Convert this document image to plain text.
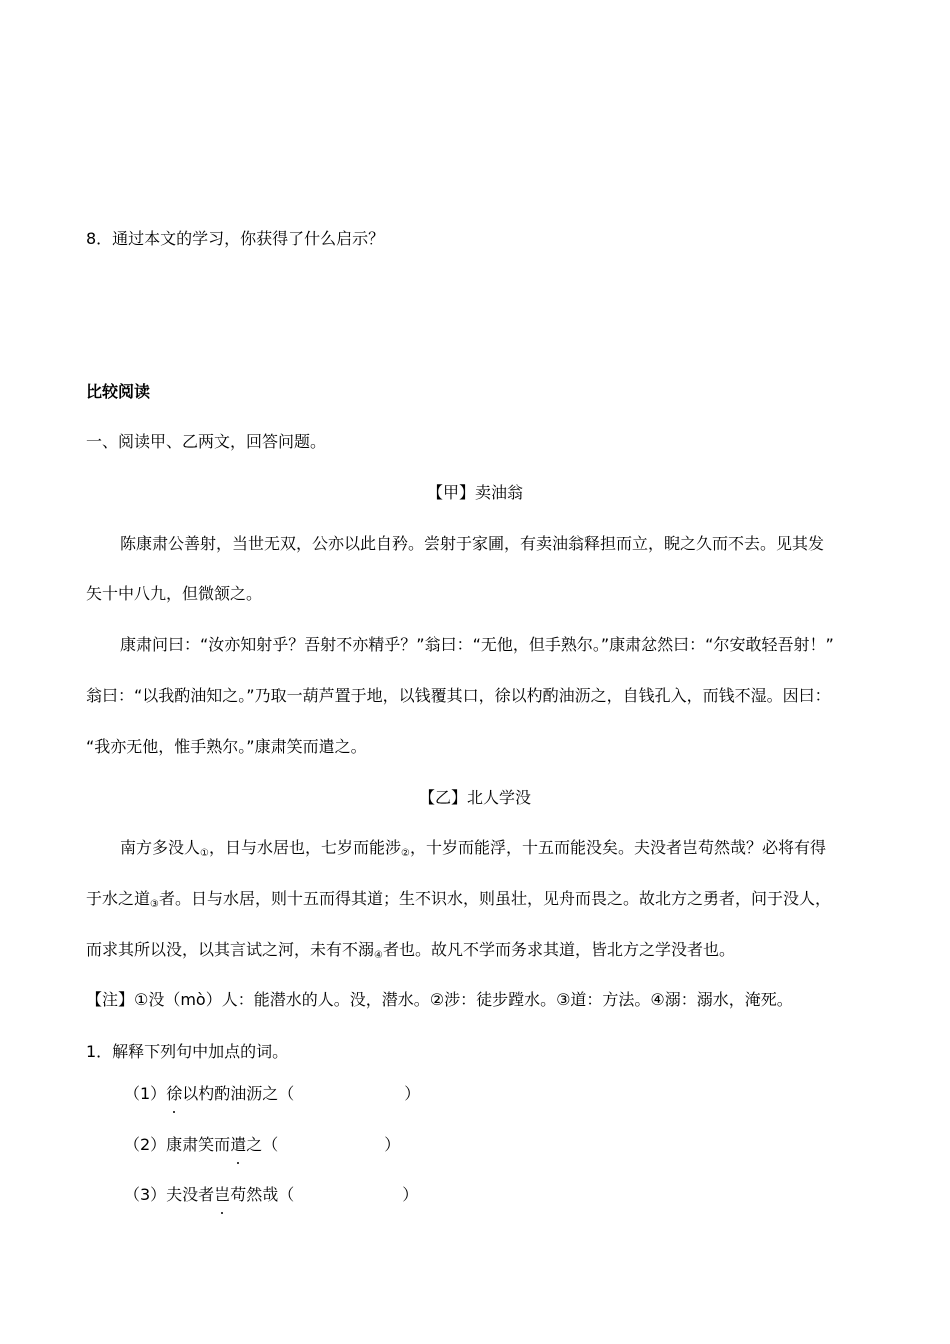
8．通过本文的学习，你获得了什么启示？
比较阅读
一、阅读甲、乙两文，回答问题。
【甲】卖油翁
陈康肃公善射，当世无双，公亦以此自矜。尝射于家圃，有卖油翁释担而立，睨之久而不去。见其发
矢十中八九，但微颔之。
康肃问曰：“汝亦知射乎？吾射不亦精乎？”翁曰：“无他，但手熟尔。”康肃忿然曰：“尔安敢轻吾射！”
翁曰：“以我酌油知之。”乃取一葫芦置于地，以钱覆其口，徐以杓酌油沥之，自钱孔入，而钱不湿。因曰：
“我亦无他，惟手熟尔。”康肃笑而遣之。
【乙】北人学没
南方多没人①，日与水居也，七岁而能涉②，十岁而能浮，十五而能没矣。夫没者岂苟然哉？必将有得
于水之道③者。日与水居，则十五而得其道；生不识水，则虽壮，见舟而畏之。故北方之勇者，问于没人，
而求其所以没，以其言试之河，未有不溺④者也。故凡不学而务求其道，皆北方之学没者也。
【注】①没（mò）人：能潜水的人。没，潜水。②涉：徒步蹚水。③道：方法。④溺：溺水，淹死。
1．解释下列句中加点的词。
（1）徐以杓酌油沥之（	）
（2）康肃笑而遣之（	）
（3）夫没者岂苟然哉（	）
